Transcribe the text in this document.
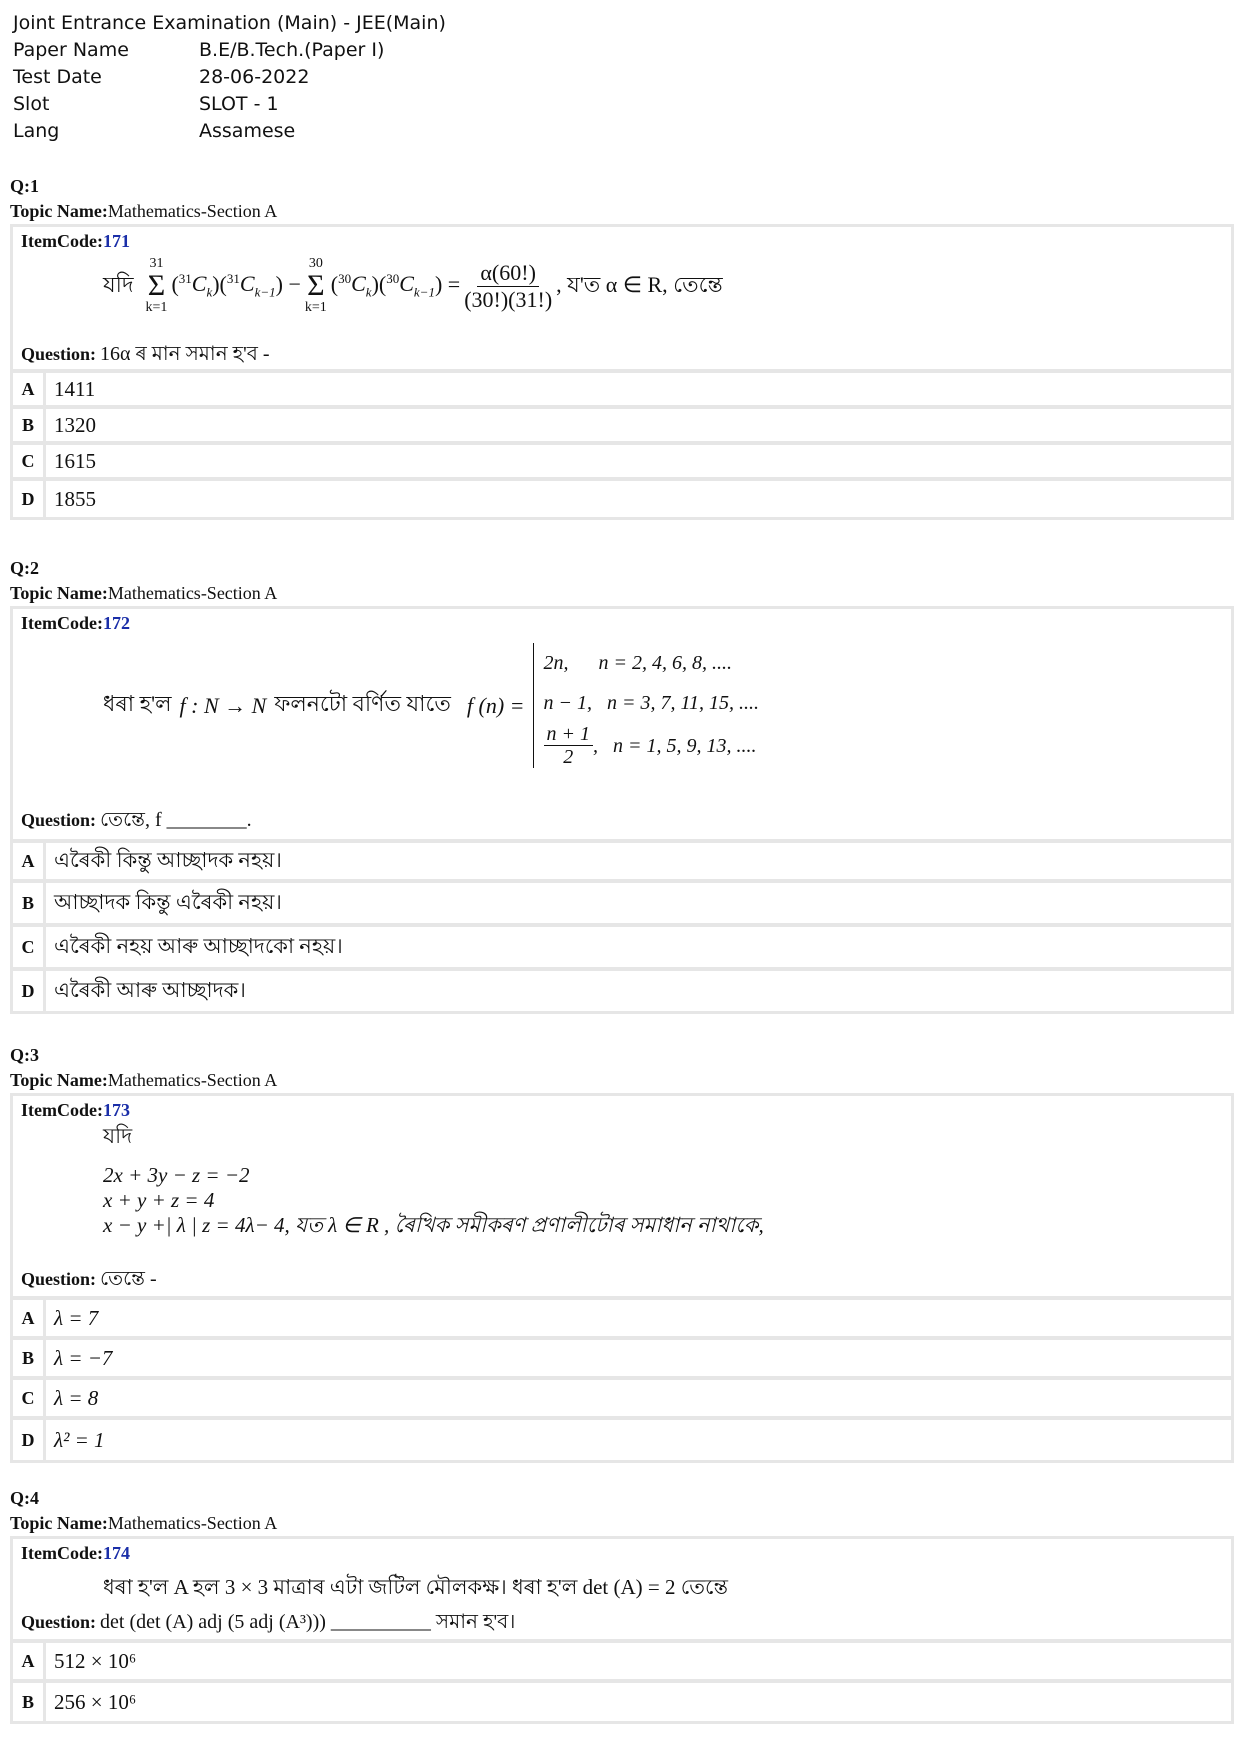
Joint Entrance Examination (Main) - JEE(Main)
Paper Name	B.E/B.Tech.(Paper I)
Test Date	28-06-2022
Slot	SLOT - 1
Lang	Assamese
Q:1
Topic Name:Mathematics-Section A
ItemCode:171
যদি
31
Σ
k=1
$(^{31}C_k)(^{31}C_{k-1})$ −
30
Σ
k=1
$(^{30}C_k)(^{30}C_{k-1}) = \frac{\alpha(60!)}{(30!)(31!)}$ , য'ত α ∈ R, তেন্তে
Question: 16α ৰ মান সমান হ'ব -
A 1411
B 1320
C 1615
D 1855
Q:2
Topic Name:Mathematics-Section A
ItemCode:172
ধৰা হ'ল f : N → N ফলনটো বৰ্ণিত যাতে f (n) =
2n,      n = 2, 4, 6, 8, ....
n − 1,   n = 3, 7, 11, 15, ....
$\frac{n + 1}{2}$ ,   n = 1, 5, 9, 13, ....
Question: তেন্তে, f ________.
A এৰৈকী কিন্তু আচ্ছাদক নহয়।
B আচ্ছাদক কিন্তু এৰৈকী নহয়।
C এৰৈকী নহয় আৰু আচ্ছাদকো নহয়।
D এৰৈকী আৰু আচ্ছাদক।
Q:3
Topic Name:Mathematics-Section A
ItemCode:173
যদি
2x + 3y − z = −2
x + y + z = 4
x − y +| λ | z = 4λ− 4, যত λ ∈ R , ৰৈখিক সমীকৰণ প্ৰণালীটোৰ সমাধান নাথাকে,
Question: তেন্তে -
A λ = 7
B λ = −7
C λ = 8
D λ² = 1
Q:4
Topic Name:Mathematics-Section A
ItemCode:174
ধৰা হ'ল A হল 3 × 3 মাত্ৰাৰ এটা জটিল মৌলকক্ষ। ধৰা হ'ল det (A) = 2 তেন্তে
Question: det (det (A) adj (5 adj (A³))) __________ সমান হ'ব।
A 512 × 10⁶
B 256 × 10⁶
